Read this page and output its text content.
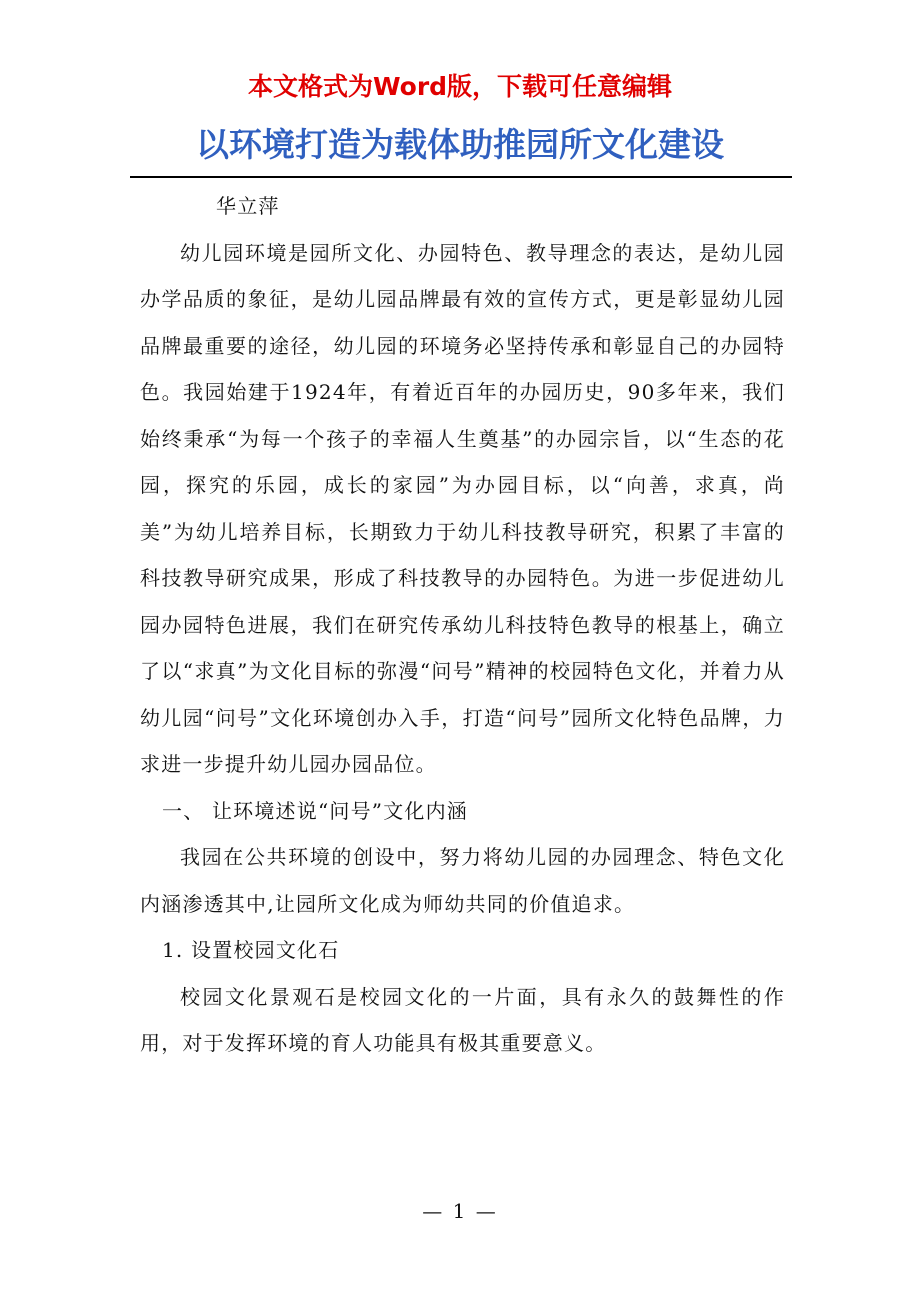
本文格式为Word版，下载可任意编辑
以环境打造为载体助推园所文化建设

华立萍

幼儿园环境是园所文化、办园特色、教导理念的表达，是幼儿园办学品质的象征，是幼儿园品牌最有效的宣传方式，更是彰显幼儿园品牌最重要的途径，幼儿园的环境务必坚持传承和彰显自己的办园特色。我园始建于1924年，有着近百年的办园历史，90多年来，我们始终秉承“为每一个孩子的幸福人生奠基”的办园宗旨，以“生态的花园，探究的乐园，成长的家园”为办园目标，以“向善，求真，尚美”为幼儿培养目标，长期致力于幼儿科技教导研究，积累了丰富的科技教导研究成果，形成了科技教导的办园特色。为进一步促进幼儿园办园特色进展，我们在研究传承幼儿科技特色教导的根基上，确立了以“求真”为文化目标的弥漫“问号”精神的校园特色文化，并着力从幼儿园“问号”文化环境创办入手，打造“问号”园所文化特色品牌，力求进一步提升幼儿园办园品位。

一、 让环境述说“问号”文化内涵

我园在公共环境的创设中，努力将幼儿园的办园理念、特色文化内涵渗透其中,让园所文化成为师幼共同的价值追求。

1. 设置校园文化石

校园文化景观石是校园文化的一片面，具有永久的鼓舞性的作用，对于发挥环境的育人功能具有极其重要意义。

— 1 —
